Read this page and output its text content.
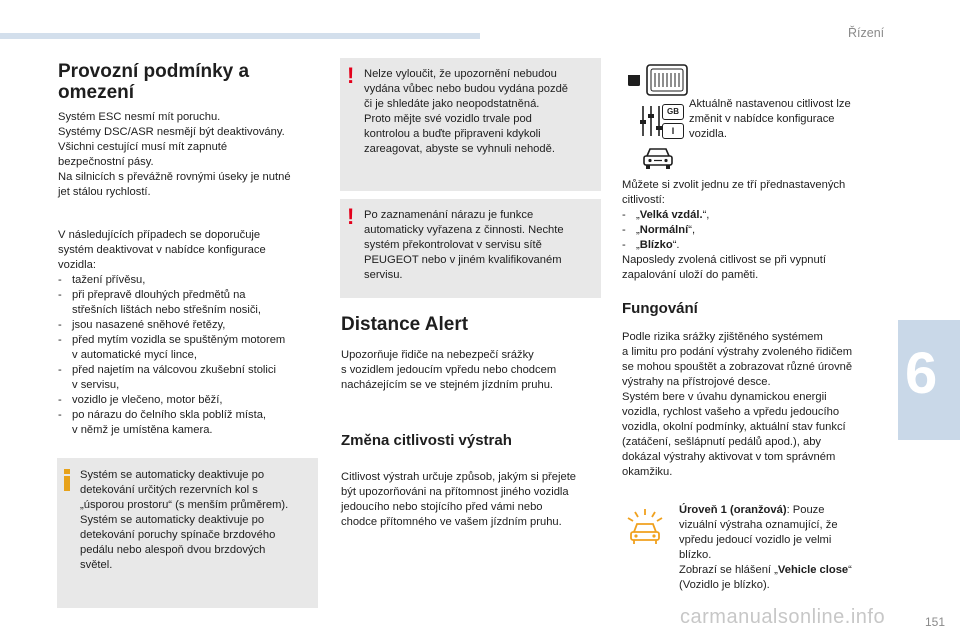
Řízení
6
Provozní podmínky a
omezení
Systém ESC nesmí mít poruchu.
Systémy DSC/ASR nesmějí být deaktivovány.
Všichni cestující musí mít zapnuté
bezpečnostní pásy.
Na silnicích s převážně rovnými úseky je nutné
jet stálou rychlostí.
V následujících případech se doporučuje
systém deaktivovat v nabídce konfigurace
vozidla:
- tažení přívěsu,
- při přepravě dlouhých předmětů na
střešních lištách nebo střešním nosiči,
- jsou nasazené sněhové řetězy,
- před mytím vozidla se spuštěným motorem
v automatické mycí lince,
- před najetím na válcovou zkušební stolici
v servisu,
- vozidlo je vlečeno, motor běží,
- po nárazu do čelního skla poblíž místa,
v němž je umístěna kamera.
Systém se automaticky deaktivuje po
detekování určitých rezervních kol s
„úsporou prostoru“ (s menším průměrem).
Systém se automaticky deaktivuje po
detekování poruchy spínače brzdového
pedálu nebo alespoň dvou brzdových
světel.
! Nelze vyloučit, že upozornění nebudou
vydána vůbec nebo budou vydána pozdě
či je shledáte jako neopodstatněná.
Proto mějte své vozidlo trvale pod
kontrolou a buďte připraveni kdykoli
zareagovat, abyste se vyhnuli nehodě.
! Po zaznamenání nárazu je funkce
automaticky vyřazena z činnosti. Nechte
systém překontrolovat v servisu sítě
PEUGEOT nebo v jiném kvalifikovaném
servisu.
Distance Alert
Upozorňuje řidiče na nebezpečí srážky
s vozidlem jedoucím vpředu nebo chodcem
nacházejícím se ve stejném jízdním pruhu.
Změna citlivosti výstrah
Citlivost výstrah určuje způsob, jakým si přejete
být upozorňováni na přítomnost jiného vozidla
jedoucího nebo stojícího před vámi nebo
chodce přítomného ve vašem jízdním pruhu.
GB
I
Aktuálně nastavenou citlivost lze
změnit v nabídce konfigurace
vozidla.
Můžete si zvolit jednu ze tří přednastavených
citlivostí:
- „Velká vzdál.“,
- „Normální“,
- „Blízko“.
Naposledy zvolená citlivost se při vypnutí
zapalování uloží do paměti.
Fungování
Podle rizika srážky zjištěného systémem
a limitu pro podání výstrahy zvoleného řidičem
se mohou spouštět a zobrazovat různé úrovně
výstrahy na přístrojové desce.
Systém bere v úvahu dynamickou energii
vozidla, rychlost vašeho a vpředu jedoucího
vozidla, okolní podmínky, aktuální stav funkcí
(zatáčení, sešlápnutí pedálů apod.), aby
dokázal výstrahy aktivovat v tom správném
okamžiku.
Úroveň 1 (oranžová): Pouze
vizuální výstraha oznamující, že
vpředu jedoucí vozidlo je velmi
blízko.
Zobrazí se hlášení „Vehicle close“
(Vozidlo je blízko).
carmanualsonline.info	151
